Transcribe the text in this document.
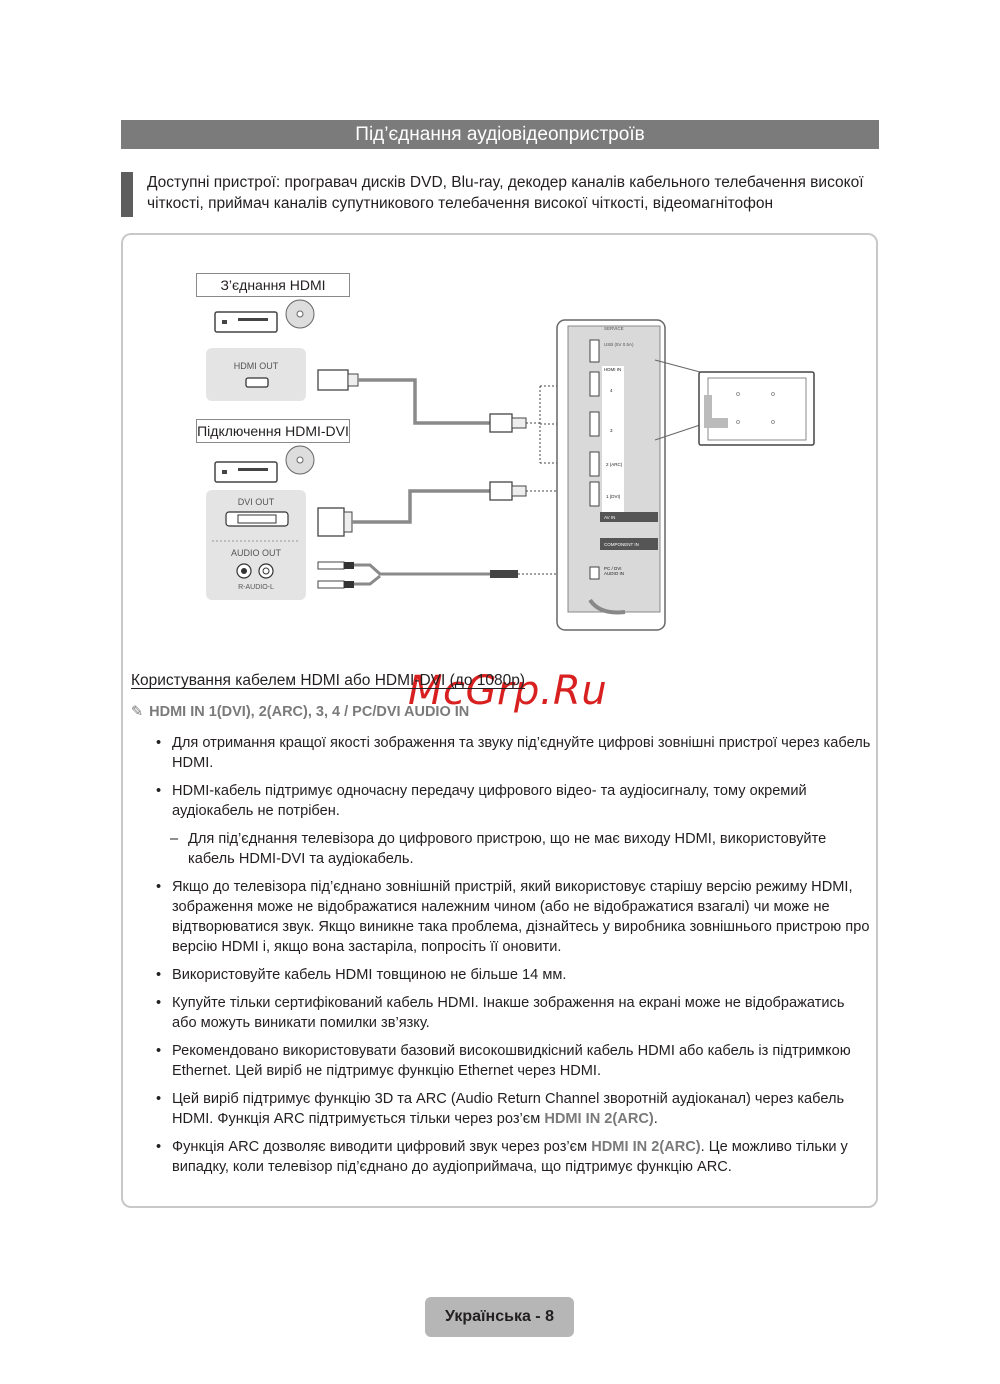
Під’єднання аудіовідеопристроїв
Доступні пристрої: програвач дисків DVD, Blu-ray, декодер каналів кабельного телебачення високої чіткості, приймач каналів супутникового телебачення високої чіткості, відеомагнітофон
SERVICE
USB (5V 0.5A)
HDMI IN
4
3
2 (ARC)
1 (DVI)
PC / DVI
AUDIO IN
AV IN
COMPONENT IN
З’єднання HDMI
Підключення HDMI-DVI
HDMI OUT
DVI OUT
AUDIO OUT
R-AUDIO-L
McGrp.Ru
Користування кабелем HDMI або HDMI-DVI (до 1080p)
✎ HDMI IN 1(DVI), 2(ARC), 3, 4 / PC/DVI AUDIO IN
• Для отримання кращої якості зображення та звуку під’єднуйте цифрові зовнішні пристрої через кабель HDMI.
• HDMI-кабель підтримує одночасну передачу цифрового відео- та аудіосигналу, тому окремий аудіокабель не потрібен.
– Для під’єднання телевізора до цифрового пристрою, що не має виходу HDMI, використовуйте кабель HDMI-DVI та аудіокабель.
• Якщо до телевізора під’єднано зовнішній пристрій, який використовує старішу версію режиму HDMI, зображення може не відображатися належним чином (або не відображатися взагалі) чи може не відтворюватися звук. Якщо виникне така проблема, дізнайтесь у виробника зовнішнього пристрою про версію HDMI і, якщо вона застаріла, попросіть її оновити.
• Використовуйте кабель HDMI товщиною не більше 14 мм.
• Купуйте тільки сертифікований кабель HDMI. Інакше зображення на екрані може не відображатись або можуть виникати помилки зв’язку.
• Рекомендовано використовувати базовий високошвидкісний кабель HDMI або кабель із підтримкою Ethernet. Цей виріб не підтримує функцію Ethernet через HDMI.
• Цей виріб підтримує функцію 3D та ARC (Audio Return Channel зворотній аудіоканал) через кабель HDMI. Функція ARC підтримується тільки через роз’єм HDMI IN 2(ARC).
• Функція ARC дозволяє виводити цифровий звук через роз’єм HDMI IN 2(ARC). Це можливо тільки у випадку, коли телевізор під’єднано до аудіоприймача, що підтримує функцію ARC.
Українська - 8
